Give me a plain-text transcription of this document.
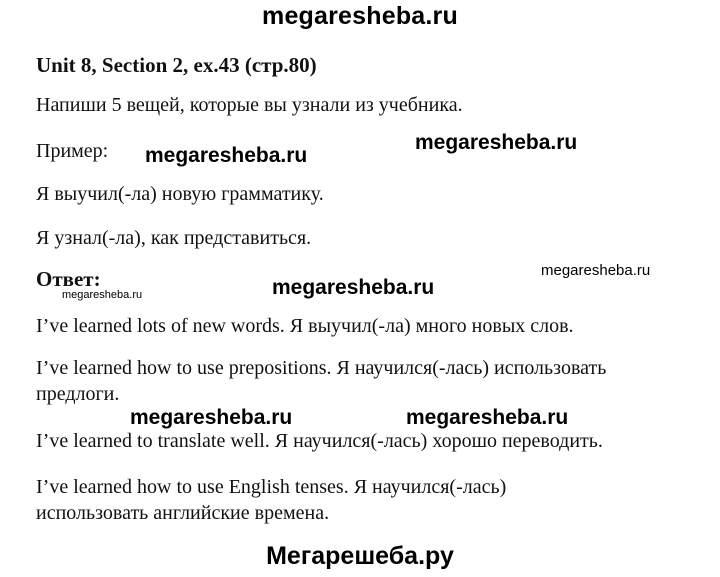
megaresheba.ru
Unit 8, Section 2, ex.43 (стр.80)
Напиши 5 вещей, которые вы узнали из учебника.
Пример:
Я выучил(-ла) новую грамматику.
Я узнал(-ла), как представиться.
Ответ:
I’ve learned lots of new words. Я выучил(-ла) много новых слов.
I’ve learned how to use prepositions. Я научился(-лась) использовать
предлоги.
I’ve learned to translate well. Я научился(-лась) хорошо переводить.
I’ve learned how to use English tenses. Я научился(-лась)
использовать английские времена.
megaresheba.ru
megaresheba.ru
megaresheba.ru
megaresheba.ru
megaresheba.ru
megaresheba.ru	megaresheba.ru
Мегарешеба.ру
